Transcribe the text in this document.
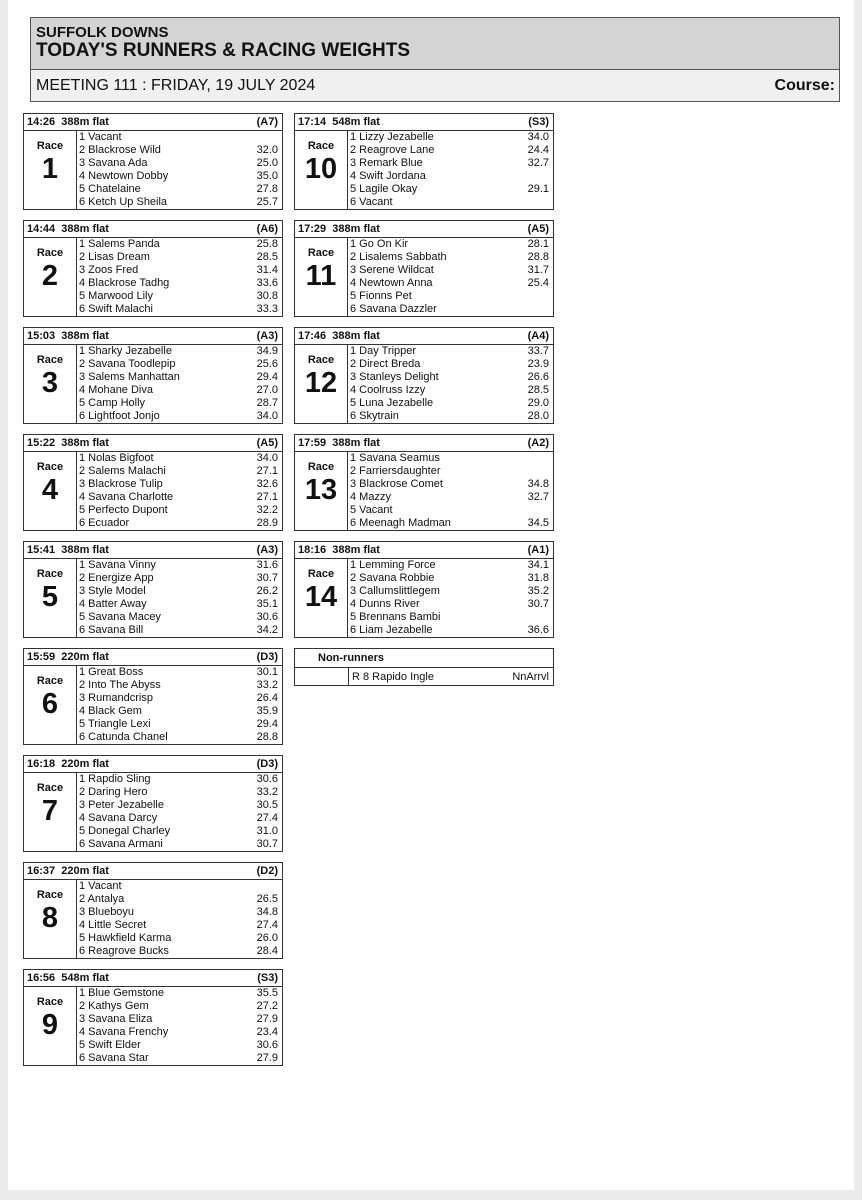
SUFFOLK DOWNS
TODAY'S RUNNERS & RACING WEIGHTS
MEETING 111 : FRIDAY, 19 JULY 2024	Course:
14:26 388m flat	(A7)
Race
1
1 Vacant
2 Blackrose Wild	32.0
3 Savana Ada	25.0
4 Newtown Dobby	35.0
5 Chatelaine	27.8
6 Ketch Up Sheila	25.7
14:44 388m flat	(A6)
Race
2
1 Salems Panda	25.8
2 Lisas Dream	28.5
3 Zoos Fred	31.4
4 Blackrose Tadhg	33.6
5 Marwood Lily	30.8
6 Swift Malachi	33.3
15:03 388m flat	(A3)
Race
3
1 Sharky Jezabelle	34.9
2 Savana Toodlepip	25.6
3 Salems Manhattan	29.4
4 Mohane Diva	27.0
5 Camp Holly	28.7
6 Lightfoot Jonjo	34.0
15:22 388m flat	(A5)
Race
4
1 Nolas Bigfoot	34.0
2 Salems Malachi	27.1
3 Blackrose Tulip	32.6
4 Savana Charlotte	27.1
5 Perfecto Dupont	32.2
6 Ecuador	28.9
15:41 388m flat	(A3)
Race
5
1 Savana Vinny	31.6
2 Energize App	30.7
3 Style Model	26.2
4 Batter Away	35.1
5 Savana Macey	30.6
6 Savana Bill	34.2
15:59 220m flat	(D3)
Race
6
1 Great Boss	30.1
2 Into The Abyss	33.2
3 Rumandcrisp	26.4
4 Black Gem	35.9
5 Triangle Lexi	29.4
6 Catunda Chanel	28.8
16:18 220m flat	(D3)
Race
7
1 Rapdio Sling	30.6
2 Daring Hero	33.2
3 Peter Jezabelle	30.5
4 Savana Darcy	27.4
5 Donegal Charley	31.0
6 Savana Armani	30.7
16:37 220m flat	(D2)
Race
8
1 Vacant
2 Antalya	26.5
3 Blueboyu	34.8
4 Little Secret	27.4
5 Hawkfield Karma	26.0
6 Reagrove Bucks	28.4
16:56 548m flat	(S3)
Race
9
1 Blue Gemstone	35.5
2 Kathys Gem	27.2
3 Savana Eliza	27.9
4 Savana Frenchy	23.4
5 Swift Elder	30.6
6 Savana Star	27.9
17:14 548m flat	(S3)
Race
10
1 Lizzy Jezabelle	34.0
2 Reagrove Lane	24.4
3 Remark Blue	32.7
4 Swift Jordana
5 Lagile Okay	29.1
6 Vacant
17:29 388m flat	(A5)
Race
11
1 Go On Kir	28.1
2 Lisalems Sabbath	28.8
3 Serene Wildcat	31.7
4 Newtown Anna	25.4
5 Fionns Pet
6 Savana Dazzler
17:46 388m flat	(A4)
Race
12
1 Day Tripper	33.7
2 Direct Breda	23.9
3 Stanleys Delight	26.6
4 Coolruss Izzy	28.5
5 Luna Jezabelle	29.0
6 Skytrain	28.0
17:59 388m flat	(A2)
Race
13
1 Savana Seamus
2 Farriersdaughter
3 Blackrose Comet	34.8
4 Mazzy	32.7
5 Vacant
6 Meenagh Madman	34.5
18:16 388m flat	(A1)
Race
14
1 Lemming Force	34.1
2 Savana Robbie	31.8
3 Callumslittlegem	35.2
4 Dunns River	30.7
5 Brennans Bambi
6 Liam Jezabelle	36.6
Non-runners
R 8 Rapido Ingle	NnArrvl
